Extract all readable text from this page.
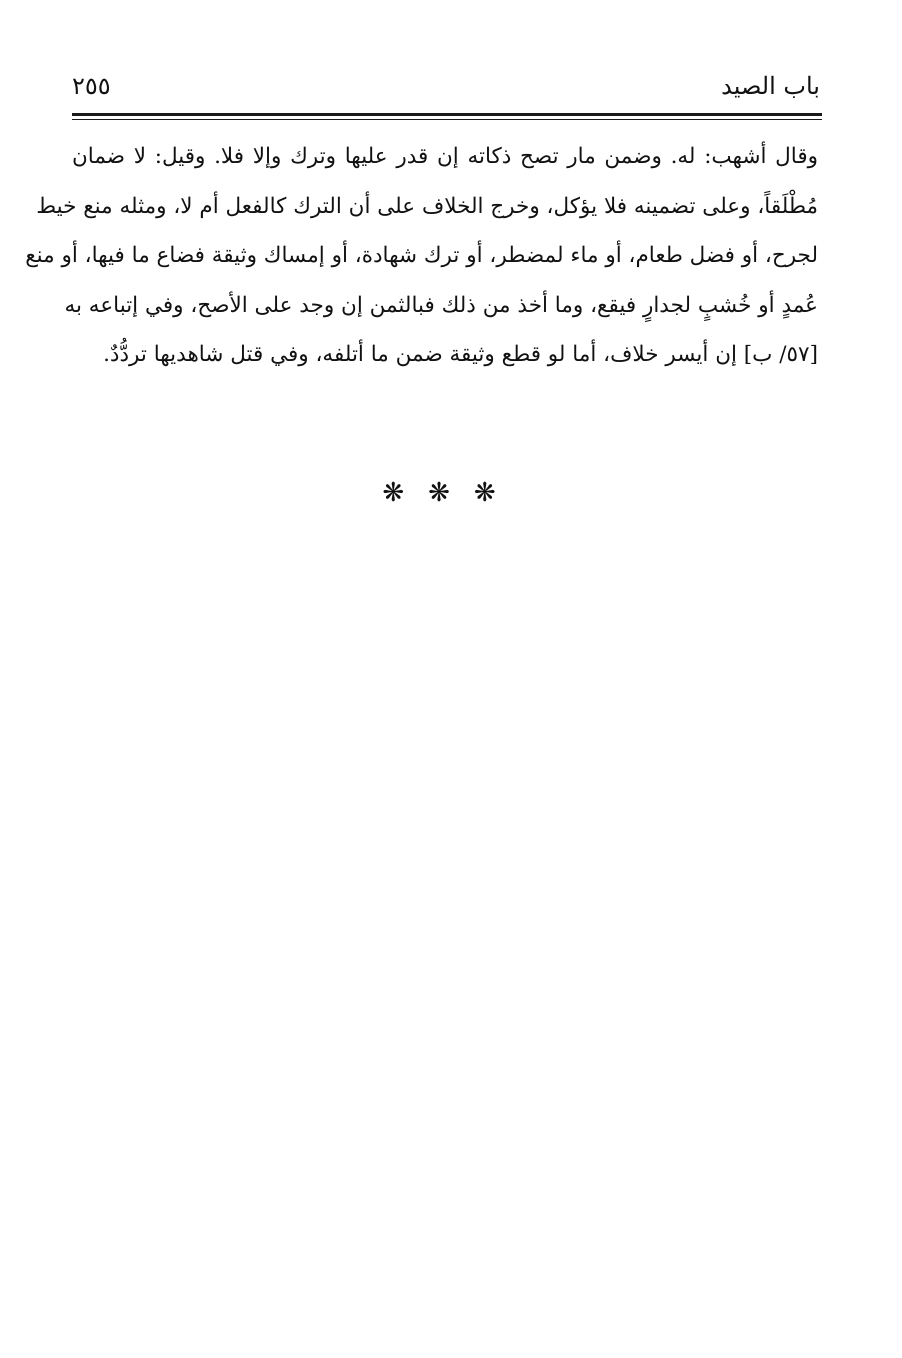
باب الصيد
٢٥٥
وقال أشهب: له. وضمن مار تصح ذكاته إن قدر عليها وترك وإلا فلا. وقيل: لا ضمان
مُطْلَقاً، وعلى تضمينه فلا يؤكل، وخرج الخلاف على أن الترك كالفعل أم لا، ومثله منع خيط
لجرح، أو فضل طعام، أو ماء لمضطر، أو ترك شهادة، أو إمساك وثيقة فضاع ما فيها، أو منع
عُمدٍ أو خُشبٍ لجدارٍ فيقع، وما أخذ من ذلك فبالثمن إن وجد على الأصح، وفي إتباعه به
[٥٧/ ب] إن أيسر خلاف، أما لو قطع وثيقة ضمن ما أتلفه، وفي قتل شاهديها تردُّدٌ.
❋❋❋
